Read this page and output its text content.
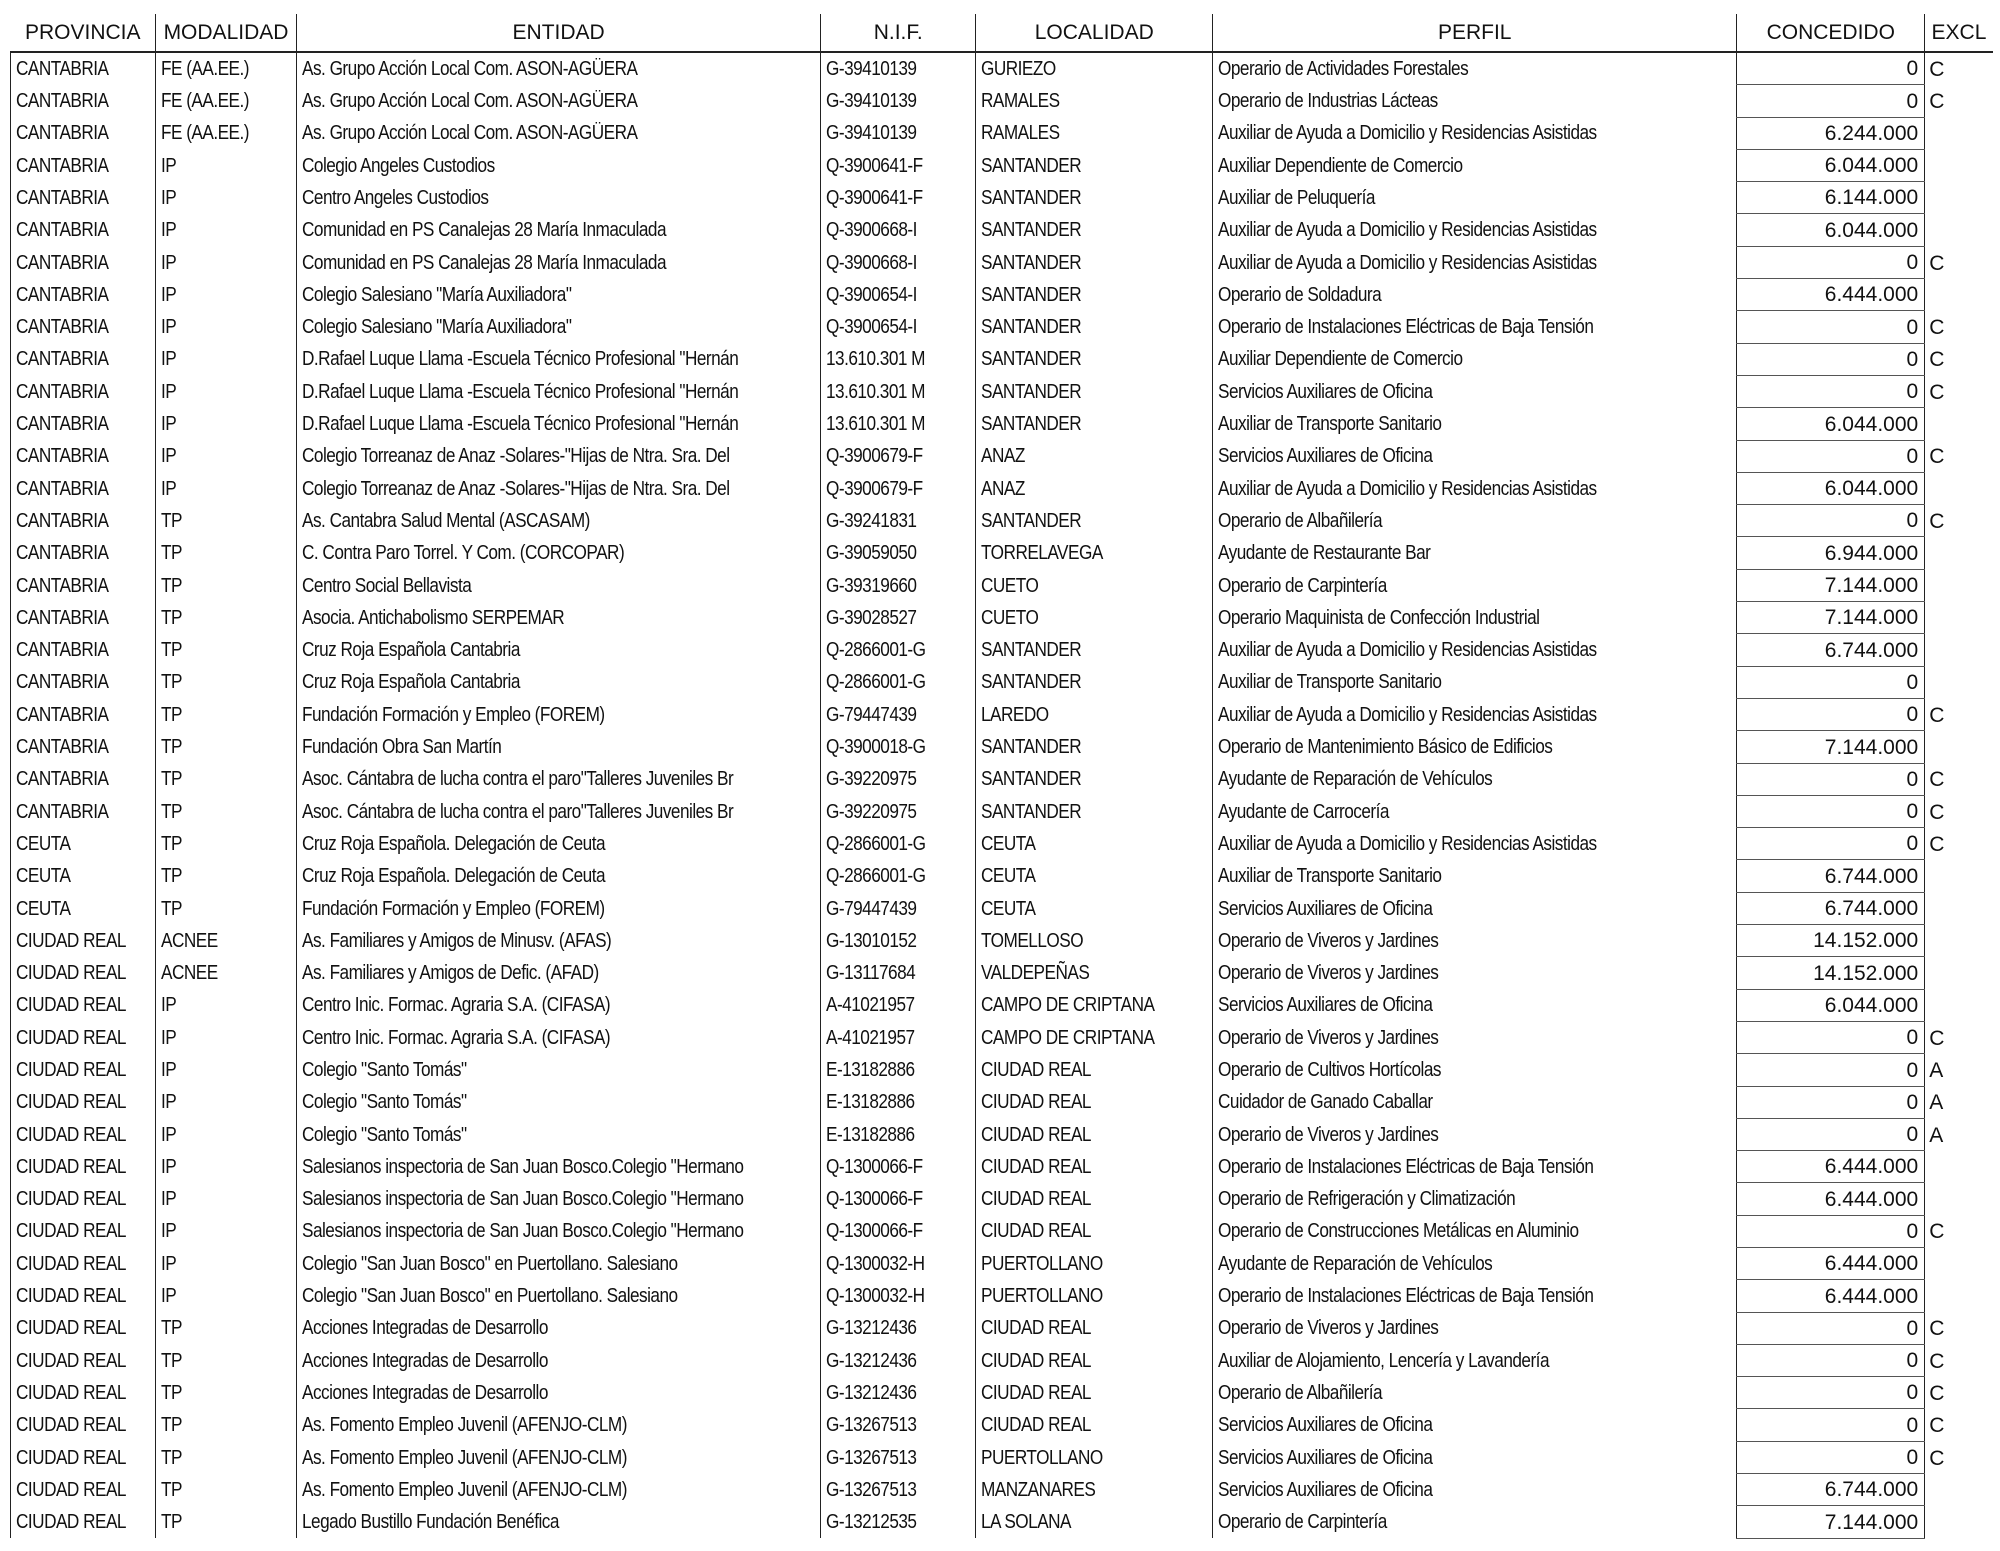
PROVINCIA	MODALIDAD	ENTIDAD	N.I.F.	LOCALIDAD	PERFIL	CONCEDIDO	EXCL
CANTABRIA	FE (AA.EE.)	As. Grupo Acción Local Com. ASON-AGÜERA	G-39410139	GURIEZO	Operario de Actividades Forestales	0	C
CANTABRIA	FE (AA.EE.)	As. Grupo Acción Local Com. ASON-AGÜERA	G-39410139	RAMALES	Operario de Industrias Lácteas	0	C
CANTABRIA	FE (AA.EE.)	As. Grupo Acción Local Com. ASON-AGÜERA	G-39410139	RAMALES	Auxiliar de Ayuda a Domicilio y Residencias Asistidas	6.244.000	
CANTABRIA	IP	Colegio Angeles Custodios	Q-3900641-F	SANTANDER	Auxiliar Dependiente de Comercio	6.044.000	
CANTABRIA	IP	Centro Angeles Custodios	Q-3900641-F	SANTANDER	Auxiliar de Peluquería	6.144.000	
CANTABRIA	IP	Comunidad en PS Canalejas 28 María Inmaculada	Q-3900668-I	SANTANDER	Auxiliar de Ayuda a Domicilio y Residencias Asistidas	6.044.000	
CANTABRIA	IP	Comunidad en PS Canalejas 28 María Inmaculada	Q-3900668-I	SANTANDER	Auxiliar de Ayuda a Domicilio y Residencias Asistidas	0	C
CANTABRIA	IP	Colegio Salesiano "María Auxiliadora"	Q-3900654-I	SANTANDER	Operario de Soldadura	6.444.000	
CANTABRIA	IP	Colegio Salesiano "María Auxiliadora"	Q-3900654-I	SANTANDER	Operario de Instalaciones Eléctricas de Baja Tensión	0	C
CANTABRIA	IP	D.Rafael Luque Llama -Escuela Técnico Profesional "Hernán	13.610.301 M	SANTANDER	Auxiliar Dependiente de Comercio	0	C
CANTABRIA	IP	D.Rafael Luque Llama -Escuela Técnico Profesional "Hernán	13.610.301 M	SANTANDER	Servicios Auxiliares de Oficina	0	C
CANTABRIA	IP	D.Rafael Luque Llama -Escuela Técnico Profesional "Hernán	13.610.301 M	SANTANDER	Auxiliar de Transporte Sanitario	6.044.000	
CANTABRIA	IP	Colegio Torreanaz de Anaz -Solares-"Hijas de Ntra. Sra. Del	Q-3900679-F	ANAZ	Servicios Auxiliares de Oficina	0	C
CANTABRIA	IP	Colegio Torreanaz de Anaz -Solares-"Hijas de Ntra. Sra. Del	Q-3900679-F	ANAZ	Auxiliar de Ayuda a Domicilio y Residencias Asistidas	6.044.000	
CANTABRIA	TP	As. Cantabra Salud Mental (ASCASAM)	G-39241831	SANTANDER	Operario de Albañilería	0	C
CANTABRIA	TP	C. Contra Paro Torrel. Y Com. (CORCOPAR)	G-39059050	TORRELAVEGA	Ayudante de Restaurante Bar	6.944.000	
CANTABRIA	TP	Centro Social Bellavista	G-39319660	CUETO	Operario de Carpintería	7.144.000	
CANTABRIA	TP	Asocia. Antichabolismo SERPEMAR	G-39028527	CUETO	Operario Maquinista de Confección Industrial	7.144.000	
CANTABRIA	TP	Cruz Roja Española Cantabria	Q-2866001-G	SANTANDER	Auxiliar de Ayuda a Domicilio y Residencias Asistidas	6.744.000	
CANTABRIA	TP	Cruz Roja Española Cantabria	Q-2866001-G	SANTANDER	Auxiliar de Transporte Sanitario	0	
CANTABRIA	TP	Fundación Formación y Empleo (FOREM)	G-79447439	LAREDO	Auxiliar de Ayuda a Domicilio y Residencias Asistidas	0	C
CANTABRIA	TP	Fundación Obra San Martín	Q-3900018-G	SANTANDER	Operario de Mantenimiento Básico de Edificios	7.144.000	
CANTABRIA	TP	Asoc. Cántabra de lucha contra el paro"Talleres Juveniles Br	G-39220975	SANTANDER	Ayudante de Reparación de Vehículos	0	C
CANTABRIA	TP	Asoc. Cántabra de lucha contra el paro"Talleres Juveniles Br	G-39220975	SANTANDER	Ayudante de Carrocería	0	C
CEUTA	TP	Cruz Roja Española. Delegación de Ceuta	Q-2866001-G	CEUTA	Auxiliar de Ayuda a Domicilio y Residencias Asistidas	0	C
CEUTA	TP	Cruz Roja Española. Delegación de Ceuta	Q-2866001-G	CEUTA	Auxiliar de Transporte Sanitario	6.744.000	
CEUTA	TP	Fundación Formación y Empleo (FOREM)	G-79447439	CEUTA	Servicios Auxiliares de Oficina	6.744.000	
CIUDAD REAL	ACNEE	As. Familiares y Amigos de Minusv. (AFAS)	G-13010152	TOMELLOSO	Operario de Viveros y Jardines	14.152.000	
CIUDAD REAL	ACNEE	As. Familiares y Amigos de Defic. (AFAD)	G-13117684	VALDEPEÑAS	Operario de Viveros y Jardines	14.152.000	
CIUDAD REAL	IP	Centro Inic. Formac. Agraria S.A. (CIFASA)	A-41021957	CAMPO DE CRIPTANA	Servicios Auxiliares de Oficina	6.044.000	
CIUDAD REAL	IP	Centro Inic. Formac. Agraria S.A. (CIFASA)	A-41021957	CAMPO DE CRIPTANA	Operario de Viveros y Jardines	0	C
CIUDAD REAL	IP	Colegio "Santo Tomás"	E-13182886	CIUDAD REAL	Operario de Cultivos Hortícolas	0	A
CIUDAD REAL	IP	Colegio "Santo Tomás"	E-13182886	CIUDAD REAL	Cuidador de Ganado Caballar	0	A
CIUDAD REAL	IP	Colegio "Santo Tomás"	E-13182886	CIUDAD REAL	Operario de Viveros y Jardines	0	A
CIUDAD REAL	IP	Salesianos inspectoria de San Juan Bosco.Colegio "Hermano	Q-1300066-F	CIUDAD REAL	Operario de Instalaciones Eléctricas de Baja Tensión	6.444.000	
CIUDAD REAL	IP	Salesianos inspectoria de San Juan Bosco.Colegio "Hermano	Q-1300066-F	CIUDAD REAL	Operario de Refrigeración y Climatización	6.444.000	
CIUDAD REAL	IP	Salesianos inspectoria de San Juan Bosco.Colegio "Hermano	Q-1300066-F	CIUDAD REAL	Operario de Construcciones Metálicas en Aluminio	0	C
CIUDAD REAL	IP	Colegio "San Juan Bosco" en Puertollano. Salesiano	Q-1300032-H	PUERTOLLANO	Ayudante de Reparación de Vehículos	6.444.000	
CIUDAD REAL	IP	Colegio "San Juan Bosco" en Puertollano. Salesiano	Q-1300032-H	PUERTOLLANO	Operario de Instalaciones Eléctricas de Baja Tensión	6.444.000	
CIUDAD REAL	TP	Acciones Integradas de Desarrollo	G-13212436	CIUDAD REAL	Operario de Viveros y Jardines	0	C
CIUDAD REAL	TP	Acciones Integradas de Desarrollo	G-13212436	CIUDAD REAL	Auxiliar de Alojamiento, Lencería y Lavandería	0	C
CIUDAD REAL	TP	Acciones Integradas de Desarrollo	G-13212436	CIUDAD REAL	Operario de Albañilería	0	C
CIUDAD REAL	TP	As. Fomento Empleo Juvenil (AFENJO-CLM)	G-13267513	CIUDAD REAL	Servicios Auxiliares de Oficina	0	C
CIUDAD REAL	TP	As. Fomento Empleo Juvenil (AFENJO-CLM)	G-13267513	PUERTOLLANO	Servicios Auxiliares de Oficina	0	C
CIUDAD REAL	TP	As. Fomento Empleo Juvenil (AFENJO-CLM)	G-13267513	MANZANARES	Servicios Auxiliares de Oficina	6.744.000	
CIUDAD REAL	TP	Legado Bustillo Fundación Benéfica	G-13212535	LA SOLANA	Operario de Carpintería	7.144.000	
